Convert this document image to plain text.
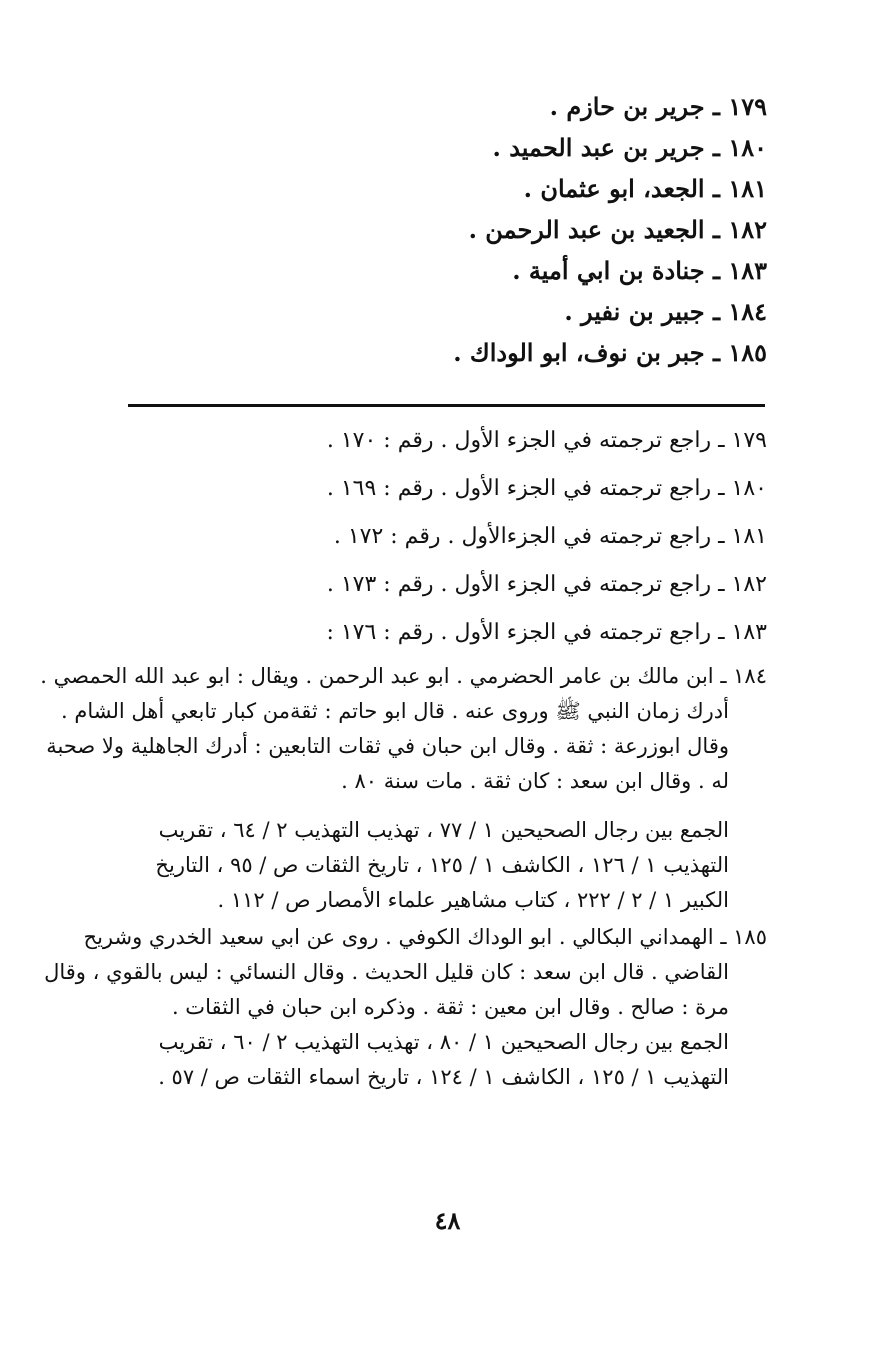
١٧٩ ـ جرير بن حازم .
١٨٠ ـ جرير بن عبد الحميد .
١٨١ ـ الجعد، ابو عثمان .
١٨٢ ـ الجعيد بن عبد الرحمن .
١٨٣ ـ جنادة بن ابي أمية .
١٨٤ ـ جبير بن نفير .
١٨٥ ـ جبر بن نوف، ابو الوداك .
١٧٩ ـ راجع ترجمته في الجزء الأول . رقم : ١٧٠ .
١٨٠ ـ راجع ترجمته في الجزء الأول . رقم : ١٦٩ .
١٨١ ـ راجع ترجمته في الجزءالأول . رقم : ١٧٢ .
١٨٢ ـ راجع ترجمته في الجزء الأول . رقم : ١٧٣ .
١٨٣ ـ راجع ترجمته في الجزء الأول . رقم : ١٧٦ :
١٨٤ ـ ابن مالك بن عامر الحضرمي . ابو عبد الرحمن . ويقال : ابو عبد الله الحمصي .
أدرك زمان النبي ﷺ وروى عنه . قال ابو حاتم : ثقةمن كبار تابعي أهل الشام .
وقال ابوزرعة : ثقة . وقال ابن حبان في ثقات التابعين : أدرك الجاهلية ولا صحبة
له . وقال ابن سعد : كان ثقة . مات سنة ٨٠ .
الجمع بين رجال الصحيحين ١ / ٧٧ ، تهذيب التهذيب ٢ / ٦٤ ، تقريب
التهذيب ١ / ١٢٦ ، الكاشف ١ / ١٢٥ ، تاريخ الثقات ص / ٩٥ ، التاريخ
الكبير ١ / ٢ / ٢٢٢ ، كتاب مشاهير علماء الأمصار ص / ١١٢ .
١٨٥ ـ الهمداني البكالي . ابو الوداك الكوفي . روى عن ابي سعيد الخدري وشريح
القاضي . قال ابن سعد : كان قليل الحديث . وقال النسائي : ليس بالقوي ، وقال
مرة : صالح . وقال ابن معين : ثقة . وذكره ابن حبان في الثقات .
الجمع بين رجال الصحيحين ١ / ٨٠ ، تهذيب التهذيب ٢ / ٦٠ ، تقريب
التهذيب ١ / ١٢٥ ، الكاشف ١ / ١٢٤ ، تاريخ اسماء الثقات ص / ٥٧ .
٤٨
